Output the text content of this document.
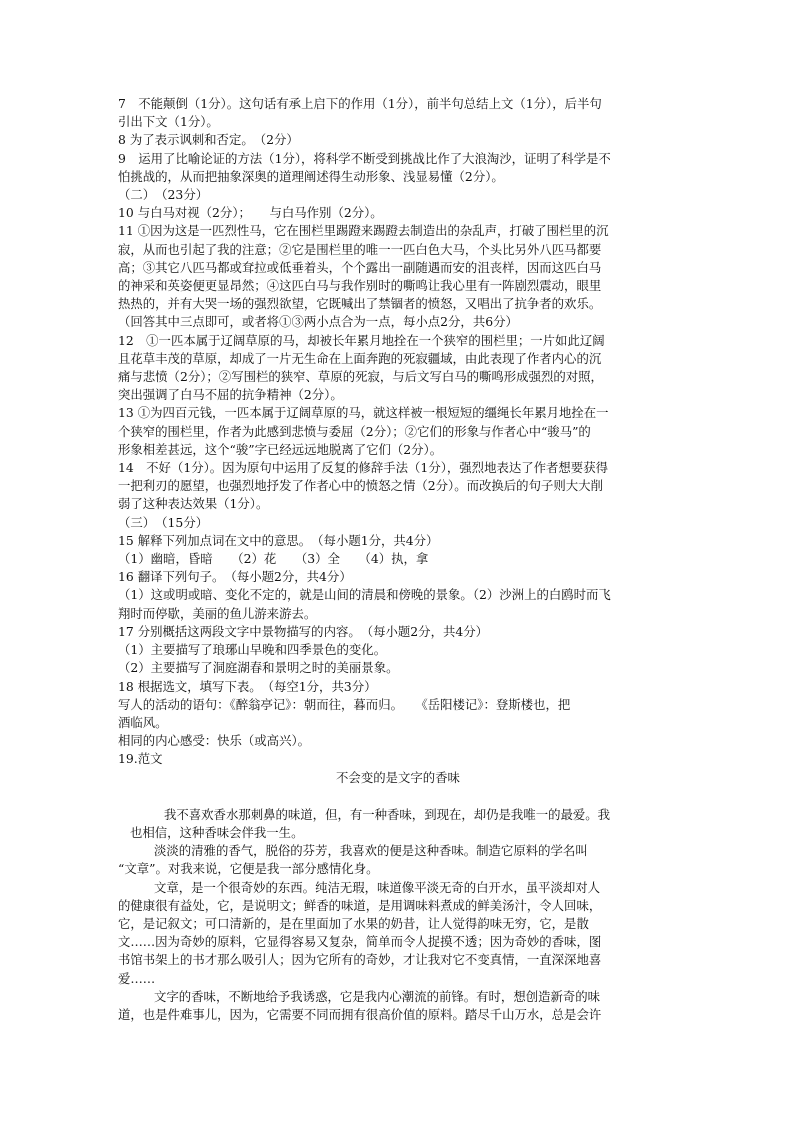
7　不能颠倒（1分）。这句话有承上启下的作用（1分），前半句总结上文（1分），后半句
引出下文（1分）。
8 为了表示讽刺和否定。　（2分）
9　运用了比喻论证的方法（1分），将科学不断受到挑战比作了大浪淘沙，证明了科学是不
怕挑战的，从而把抽象深奥的道理阐述得生动形象、浅显易懂（2分）。
（二）　（23分）
10 与白马对视（2分）；　　与白马作别（2分）。
11 ①因为这是一匹烈性马，它在围栏里踢蹬来踢蹬去制造出的杂乱声，打破了围栏里的沉
寂，从而也引起了我的注意；②它是围栏里的唯一一匹白色大马，个头比另外八匹马都要
高；③其它八匹马都或耷拉或低垂着头，个个露出一副随遇而安的沮丧样，因而这匹白马
的神采和英姿便更显昂然；④这匹白马与我作别时的嘶鸣让我心里有一阵剧烈震动，眼里
热热的，并有大哭一场的强烈欲望，它既喊出了禁锢者的愤怒，又唱出了抗争者的欢乐。
（回答其中三点即可，或者将①③两小点合为一点，每小点2分，共6分）
12　①一匹本属于辽阔草原的马，却被长年累月地拴在一个狭窄的围栏里；一片如此辽阔
且花草丰茂的草原，却成了一片无生命在上面奔跑的死寂疆域，由此表现了作者内心的沉
痛与悲愤（2分）；②写围栏的狭窄、草原的死寂，与后文写白马的嘶鸣形成强烈的对照，
突出强调了白马不屈的抗争精神（2分）。
13 ①为四百元钱，一匹本属于辽阔草原的马，就这样被一根短短的缰绳长年累月地拴在一
个狭窄的围栏里，作者为此感到悲愤与委屈（2分）；②它们的形象与作者心中“骏马”的
形象相差甚远，这个“骏”字已经远远地脱离了它们（2分）。
14　不好（1分）。因为原句中运用了反复的修辞手法（1分），强烈地表达了作者想要获得
一把利刃的愿望，也强烈地抒发了作者心中的愤怒之情（2分）。而改换后的句子则大大削
弱了这种表达效果（1分）。
（三）　（15分）
15 解释下列加点词在文中的意思。　（每小题1分，共4分）
（1）幽暗，昏暗　　（2）花　　（3）全　　（4）执，拿
16 翻译下列句子。　（每小题2分，共4分）
（1）这或明或暗、变化不定的，就是山间的清晨和傍晚的景象。（2）沙洲上的白鸥时而飞
翔时而停歇，美丽的鱼儿游来游去。
17 分别概括这两段文字中景物描写的内容。　（每小题2分，共4分）
（1）主要描写了琅琊山早晚和四季景色的变化。
（2）主要描写了洞庭湖春和景明之时的美丽景象。
18 根据选文，填写下表。　（每空1分，共3分）
写人的活动的语句：《醉翁亭记》：朝而往，暮而归。　　《岳阳楼记》：登斯楼也，把
酒临风。
相同的内心感受：快乐（或高兴）。
19.范文
不会变的是文字的香味
我不喜欢香水那刺鼻的味道，但，有一种香味，到现在，却仍是我唯一的最爱。我
也相信，这种香味会伴我一生。
淡淡的清雅的香气，脱俗的芬芳，我喜欢的便是这种香味。制造它原料的学名叫
“文章”。对我来说，它便是我一部分感情化身。
文章，是一个很奇妙的东西。纯洁无瑕，味道像平淡无奇的白开水，虽平淡却对人
的健康很有益处，它，是说明文；鲜香的味道，是用调味料煮成的鲜美汤汁，令人回味，
它，是记叙文；可口清新的，是在里面加了水果的奶昔，让人觉得韵味无穷，它，是散
文……因为奇妙的原料，它显得容易又复杂，简单而令人捉摸不透；因为奇妙的香味，图
书馆书架上的书才那么吸引人；因为它所有的奇妙，才让我对它不变真情，一直深深地喜
爱……
文字的香味，不断地给予我诱惑，它是我内心潮流的前锋。有时，想创造新奇的味
道，也是件难事儿，因为，它需要不同而拥有很高价值的原料。踏尽千山万水，总是会许
